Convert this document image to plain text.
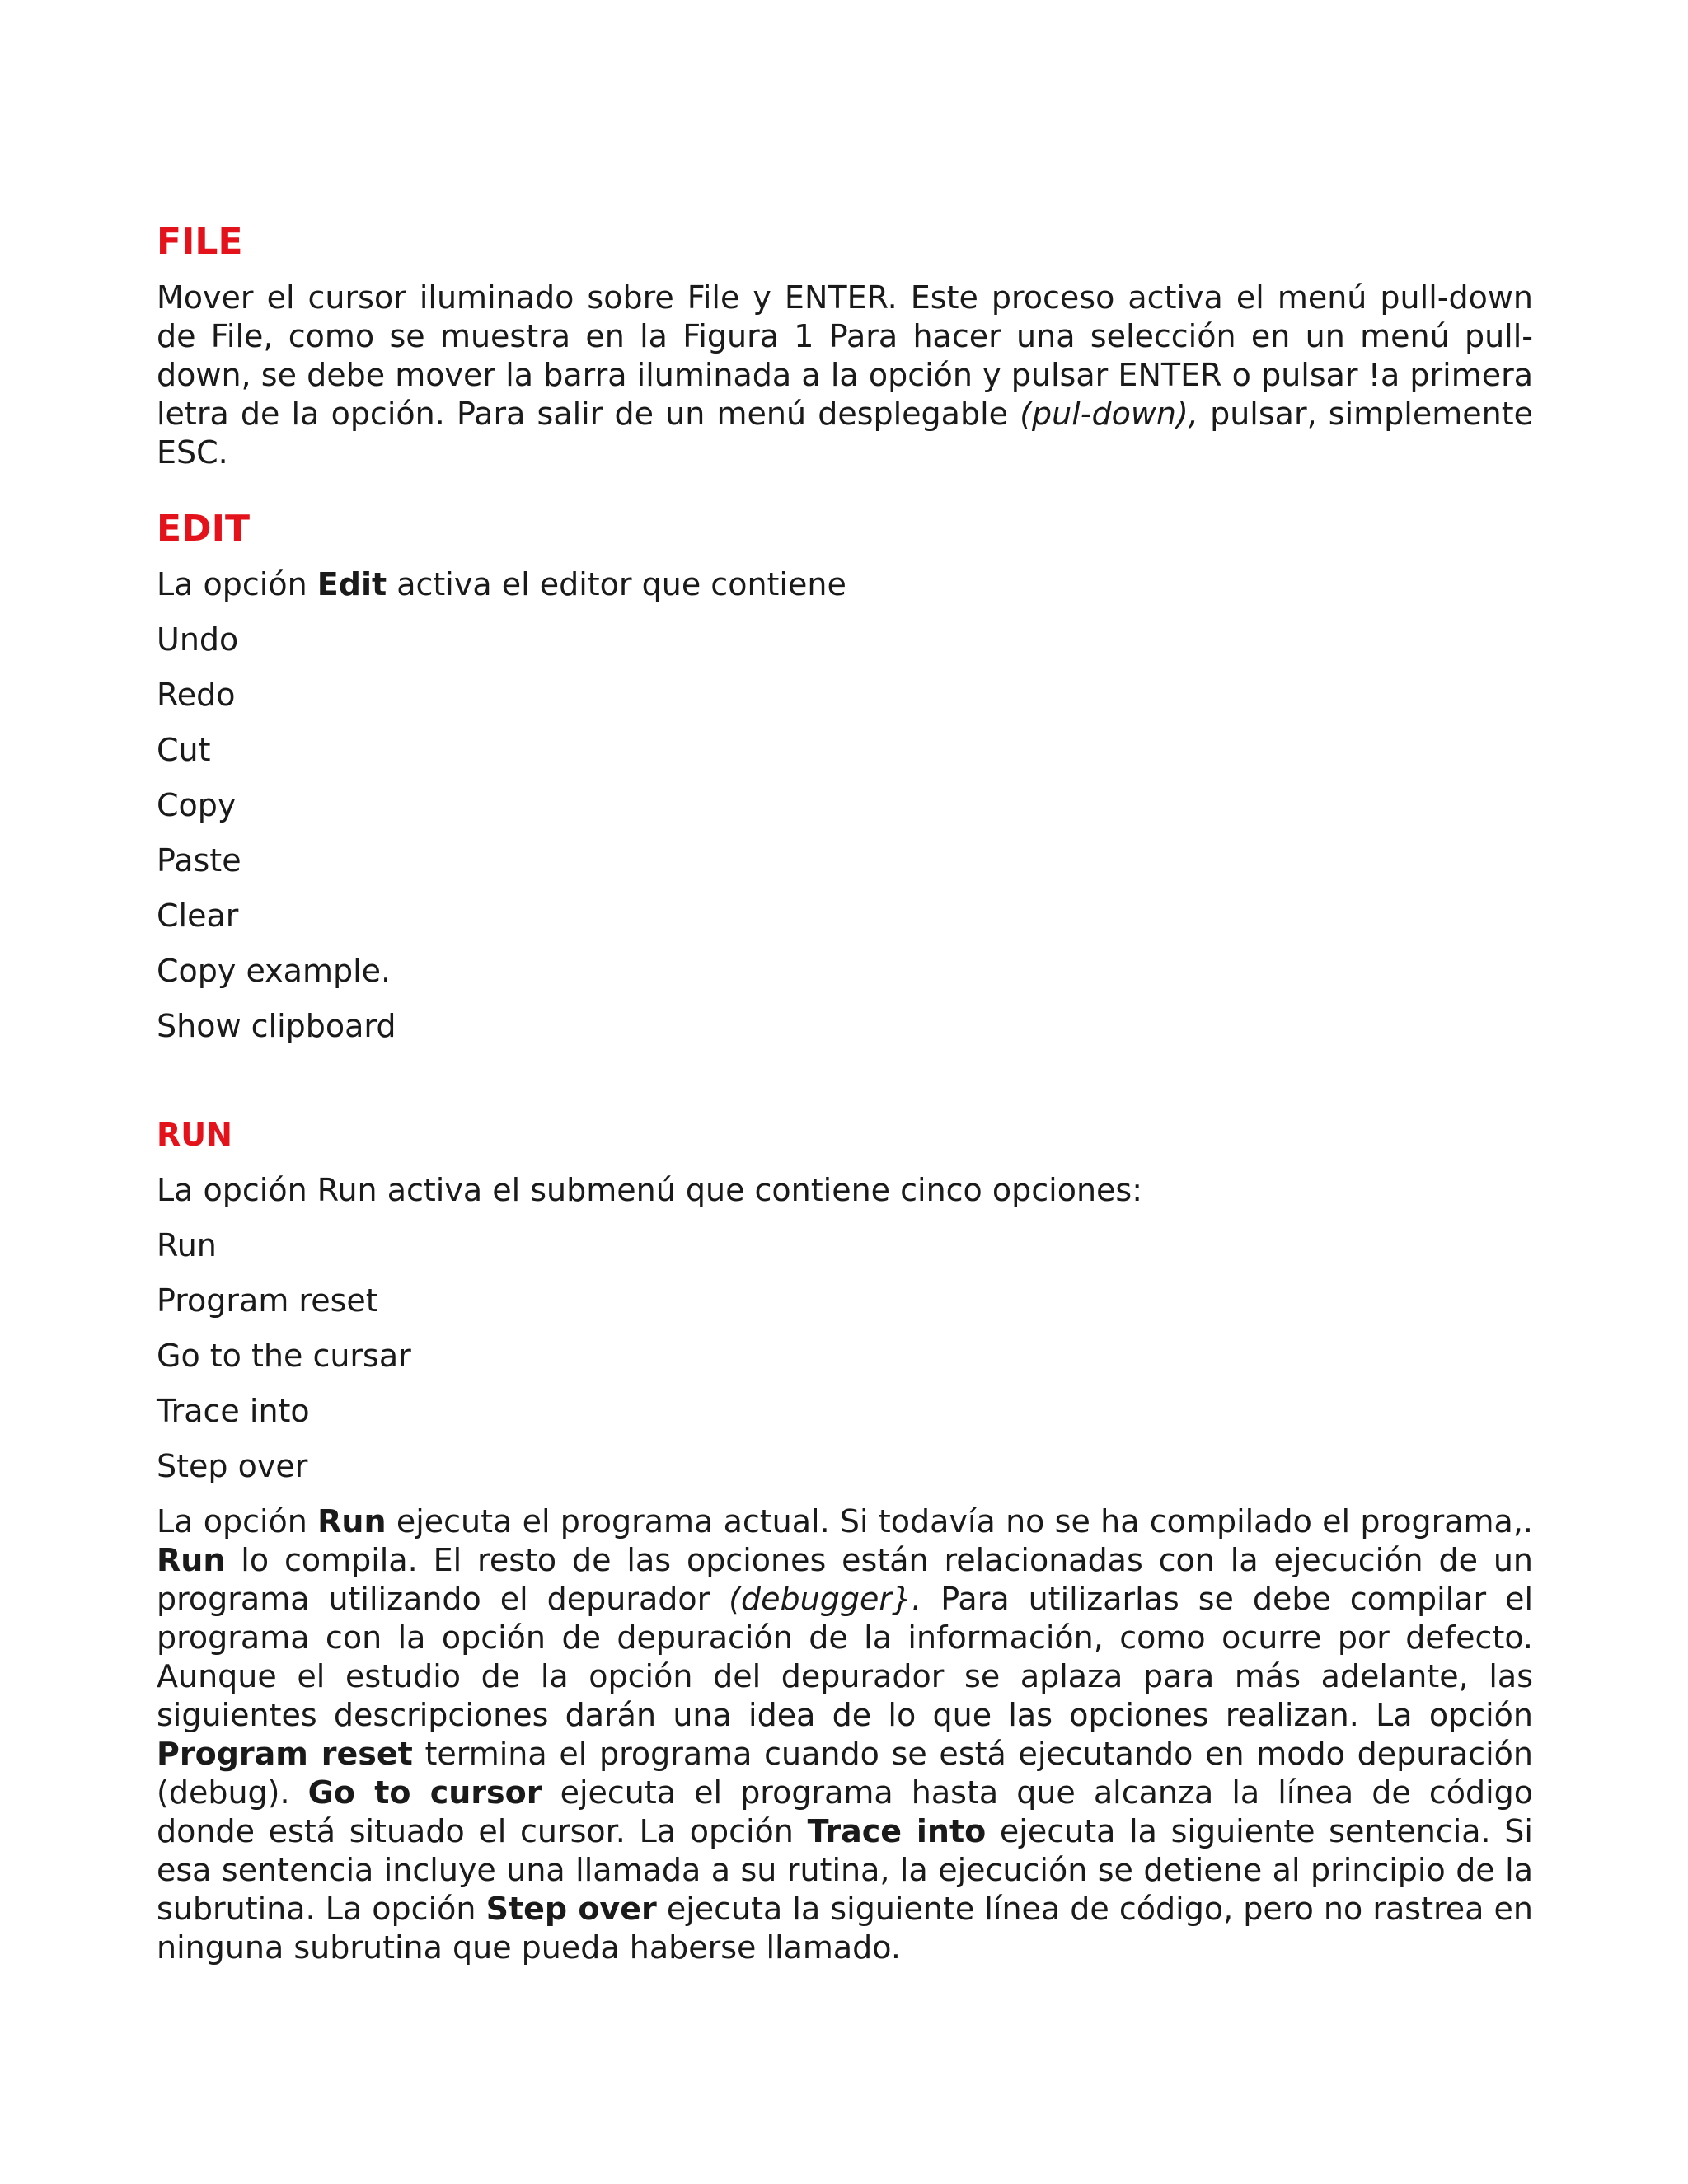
FILE

Mover el cursor iluminado sobre File y ENTER. Este proceso activa el menú pull-down de File, como se muestra en la Figura 1 Para hacer una selección en un menú pull-down, se debe mover la barra iluminada a la opción y pulsar ENTER o pulsar !a primera letra de la opción. Para salir de un menú desplegable (pul-down), pulsar, simplemente ESC.

EDIT

La opción Edit activa el editor que contiene

Undo

Redo

Cut

Copy

Paste

Clear

Copy example.

Show clipboard

RUN

La opción Run activa el submenú que contiene cinco opciones:

Run

Program reset

Go to the cursar

Trace into

Step over

La opción Run ejecuta el programa actual. Si todavía no se ha compilado el programa,. Run lo compila. El resto de las opciones están relacionadas con la ejecución de un programa utilizando el depurador (debugger}. Para utilizarlas se debe compilar el programa con la opción de depuración de la información, como ocurre por defecto. Aunque el estudio de la opción del depurador se aplaza para más adelante, las siguientes descripciones darán una idea de lo que las opciones realizan. La opción Program reset termina el programa cuando se está ejecutando en modo depuración (debug). Go to cursor ejecuta el programa hasta que alcanza la línea de código donde está situado el cursor. La opción Trace into ejecuta la siguiente sentencia. Si esa sentencia incluye una llamada a su rutina, la ejecución se detiene al principio de la subrutina. La opción Step over ejecuta la siguiente línea de código, pero no rastrea en ninguna subrutina que pueda haberse llamado.
